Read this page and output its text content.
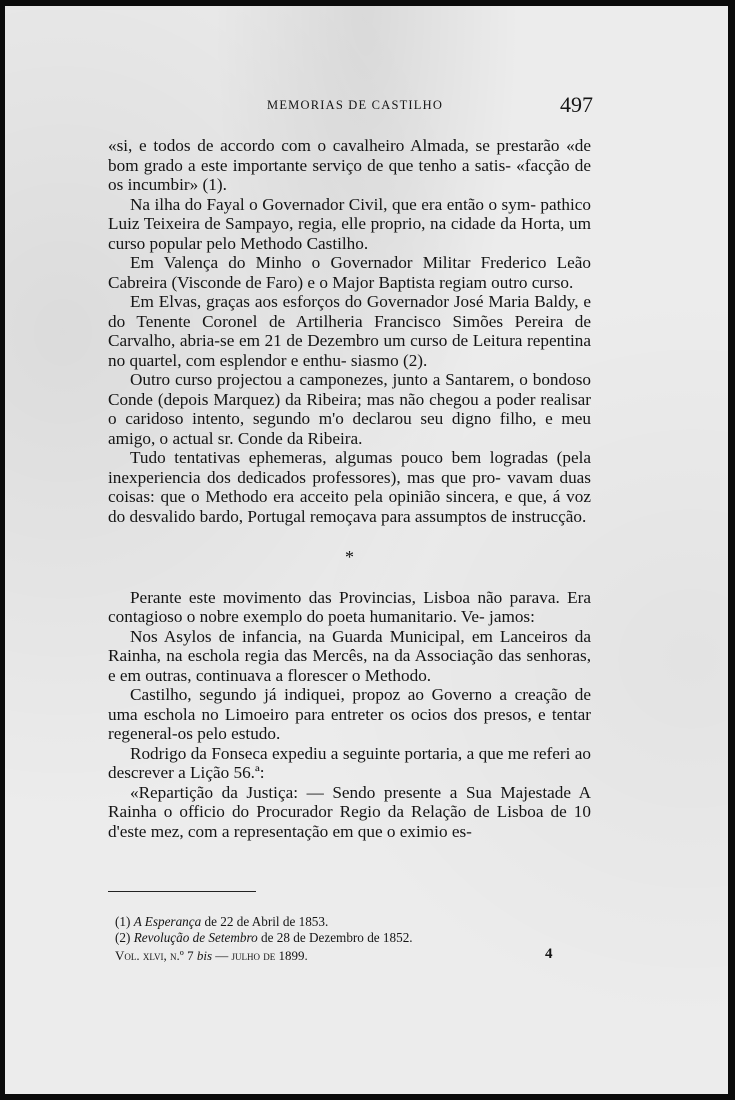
MEMORIAS DE CASTILHO	497

«si, e todos de accordo com o cavalheiro Almada, se prestarão «de bom grado a este importante serviço de que tenho a satis- «facção de os incumbir» (1).

Na ilha do Fayal o Governador Civil, que era então o sym- pathico Luiz Teixeira de Sampayo, regia, elle proprio, na cidade da Horta, um curso popular pelo Methodo Castilho.

Em Valença do Minho o Governador Militar Frederico Leão Cabreira (Visconde de Faro) e o Major Baptista regiam outro curso.

Em Elvas, graças aos esforços do Governador José Maria Baldy, e do Tenente Coronel de Artilheria Francisco Simões Pereira de Carvalho, abria-se em 21 de Dezembro um curso de Leitura repentina no quartel, com esplendor e enthu- siasmo (2).

Outro curso projectou a camponezes, junto a Santarem, o bondoso Conde (depois Marquez) da Ribeira; mas não chegou a poder realisar o caridoso intento, segundo m'o declarou seu digno filho, e meu amigo, o actual sr. Conde da Ribeira.

Tudo tentativas ephemeras, algumas pouco bem logradas (pela inexperiencia dos dedicados professores), mas que pro- vavam duas coisas: que o Methodo era acceito pela opinião sincera, e que, á voz do desvalido bardo, Portugal remoçava para assumptos de instrucção.

*

Perante este movimento das Provincias, Lisboa não parava. Era contagioso o nobre exemplo do poeta humanitario. Ve- jamos:

Nos Asylos de infancia, na Guarda Municipal, em Lanceiros da Rainha, na eschola regia das Mercês, na da Associação das senhoras, e em outras, continuava a florescer o Methodo.

Castilho, segundo já indiquei, propoz ao Governo a creação de uma eschola no Limoeiro para entreter os ocios dos presos, e tentar regeneral-os pelo estudo.

Rodrigo da Fonseca expediu a seguinte portaria, a que me referi ao descrever a Lição 56.ª:

«Repartição da Justiça: — Sendo presente a Sua Majestade A Rainha o officio do Procurador Regio da Relação de Lisboa de 10 d'este mez, com a representação em que o eximio es-

(1) A Esperança de 22 de Abril de 1853.

(2) Revolução de Setembro de 28 de Dezembro de 1852.

Vol. xlvi, n.º 7 bis — julho de 1899.	4
